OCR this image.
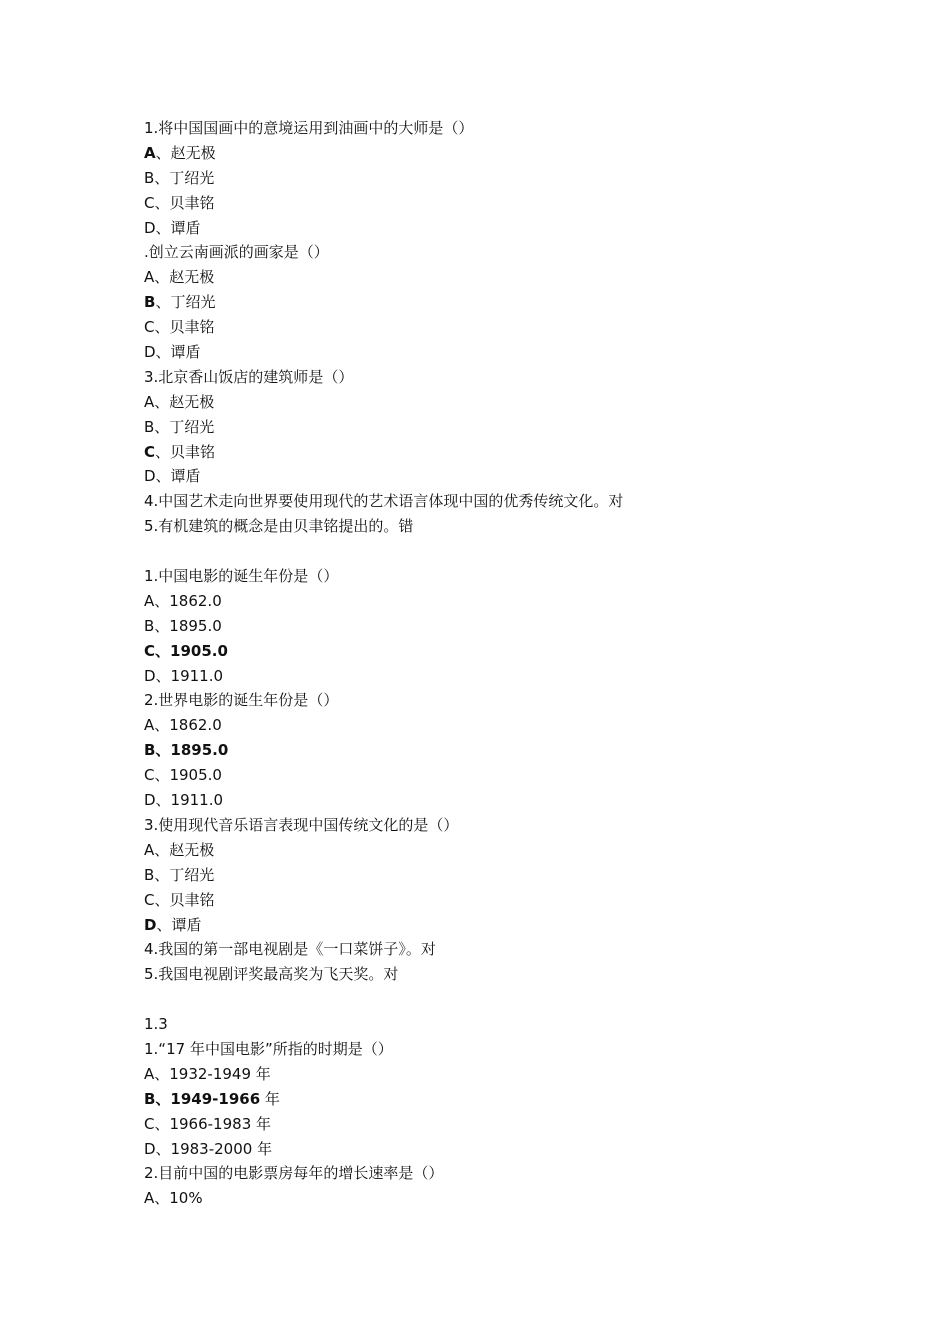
1.将中国国画中的意境运用到油画中的大师是（）
A、赵无极
B、丁绍光
C、贝聿铭
D、谭盾
.创立云南画派的画家是（）
A、赵无极
B、丁绍光
C、贝聿铭
D、谭盾
3.北京香山饭店的建筑师是（）
A、赵无极
B、丁绍光
C、贝聿铭
D、谭盾
4.中国艺术走向世界要使用现代的艺术语言体现中国的优秀传统文化。对
5.有机建筑的概念是由贝聿铭提出的。错
1.中国电影的诞生年份是（）
A、1862.0
B、1895.0
C、1905.0
D、1911.0
2.世界电影的诞生年份是（）
A、1862.0
B、1895.0
C、1905.0
D、1911.0
3.使用现代音乐语言表现中国传统文化的是（）
A、赵无极
B、丁绍光
C、贝聿铭
D、谭盾
4.我国的第一部电视剧是《一口菜饼子》。对
5.我国电视剧评奖最高奖为飞天奖。对
1.3
1.“17 年中国电影”所指的时期是（）
A、1932-1949 年
B、1949-1966 年
C、1966-1983 年
D、1983-2000 年
2.目前中国的电影票房每年的增长速率是（）
A、10%
